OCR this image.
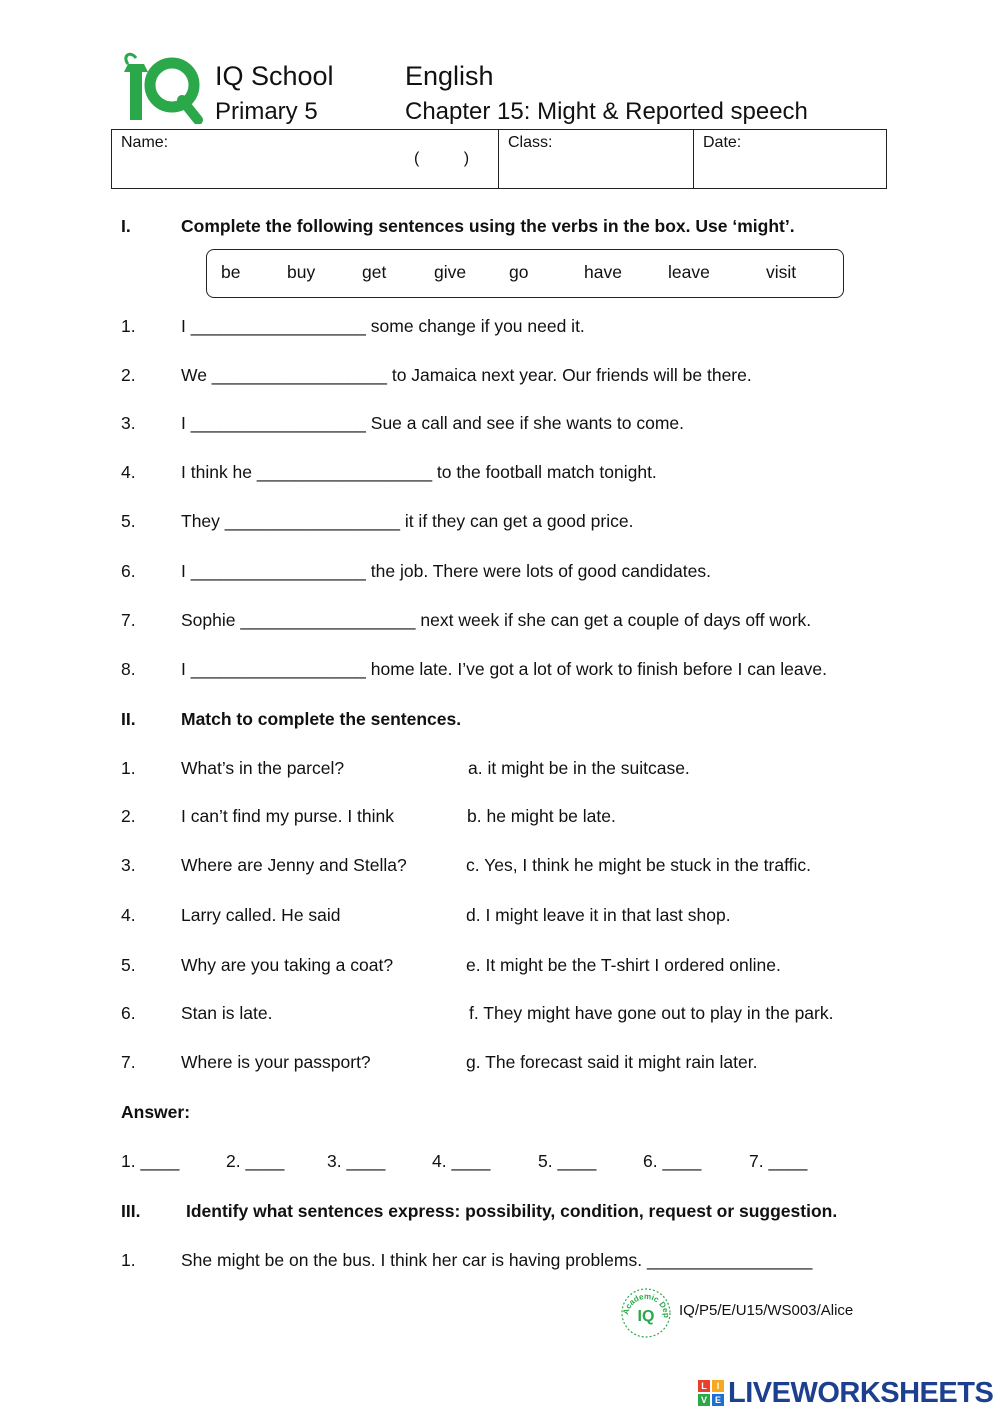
IQ
IQ School
Primary 5
English
Chapter 15: Might & Reported speech
Name:
(          )
Class:	Date:
I.	Complete the following sentences using the verbs in the box. Use ‘might’.
be	buy	get	give go	have	leave	visit
1.	I __________________ some change if you need it.
2.	We __________________ to Jamaica next year. Our friends will be there.
3.	I __________________ Sue a call and see if she wants to come.
4.	I think he __________________ to the football match tonight.
5.	They __________________ it if they can get a good price.
6.	I __________________ the job. There were lots of good candidates.
7.	Sophie __________________ next week if she can get a couple of days off work.
8.	I __________________ home late. I’ve got a lot of work to finish before I can leave.
II.	Match to complete the sentences.
1.	What’s in the parcel?	a. it might be in the suitcase.
2.	I can’t find my purse. I think	b. he might be late.
3.	Where are Jenny and Stella?	c. Yes, I think he might be stuck in the traffic.
4.	Larry called. He said	d. I might leave it in that last shop.
5.	Why are you taking a coat?	e. It might be the T-shirt I ordered online.
6.	Stan is late.	f. They might have gone out to play in the park.
7.	Where is your passport?	g. The forecast said it might rain later.
Answer:
1. ____	2. ____ 3. ____	4. ____	5. ____	6. ____	7. ____
III.	Identify what sentences express: possibility, condition, request or suggestion.
1.	She might be on the bus. I think her car is having problems. _________________
Academic Dep
IQ IQ/P5/E/U15/WS003/Alice
L	I
V E LIVEWORKSHEETS
